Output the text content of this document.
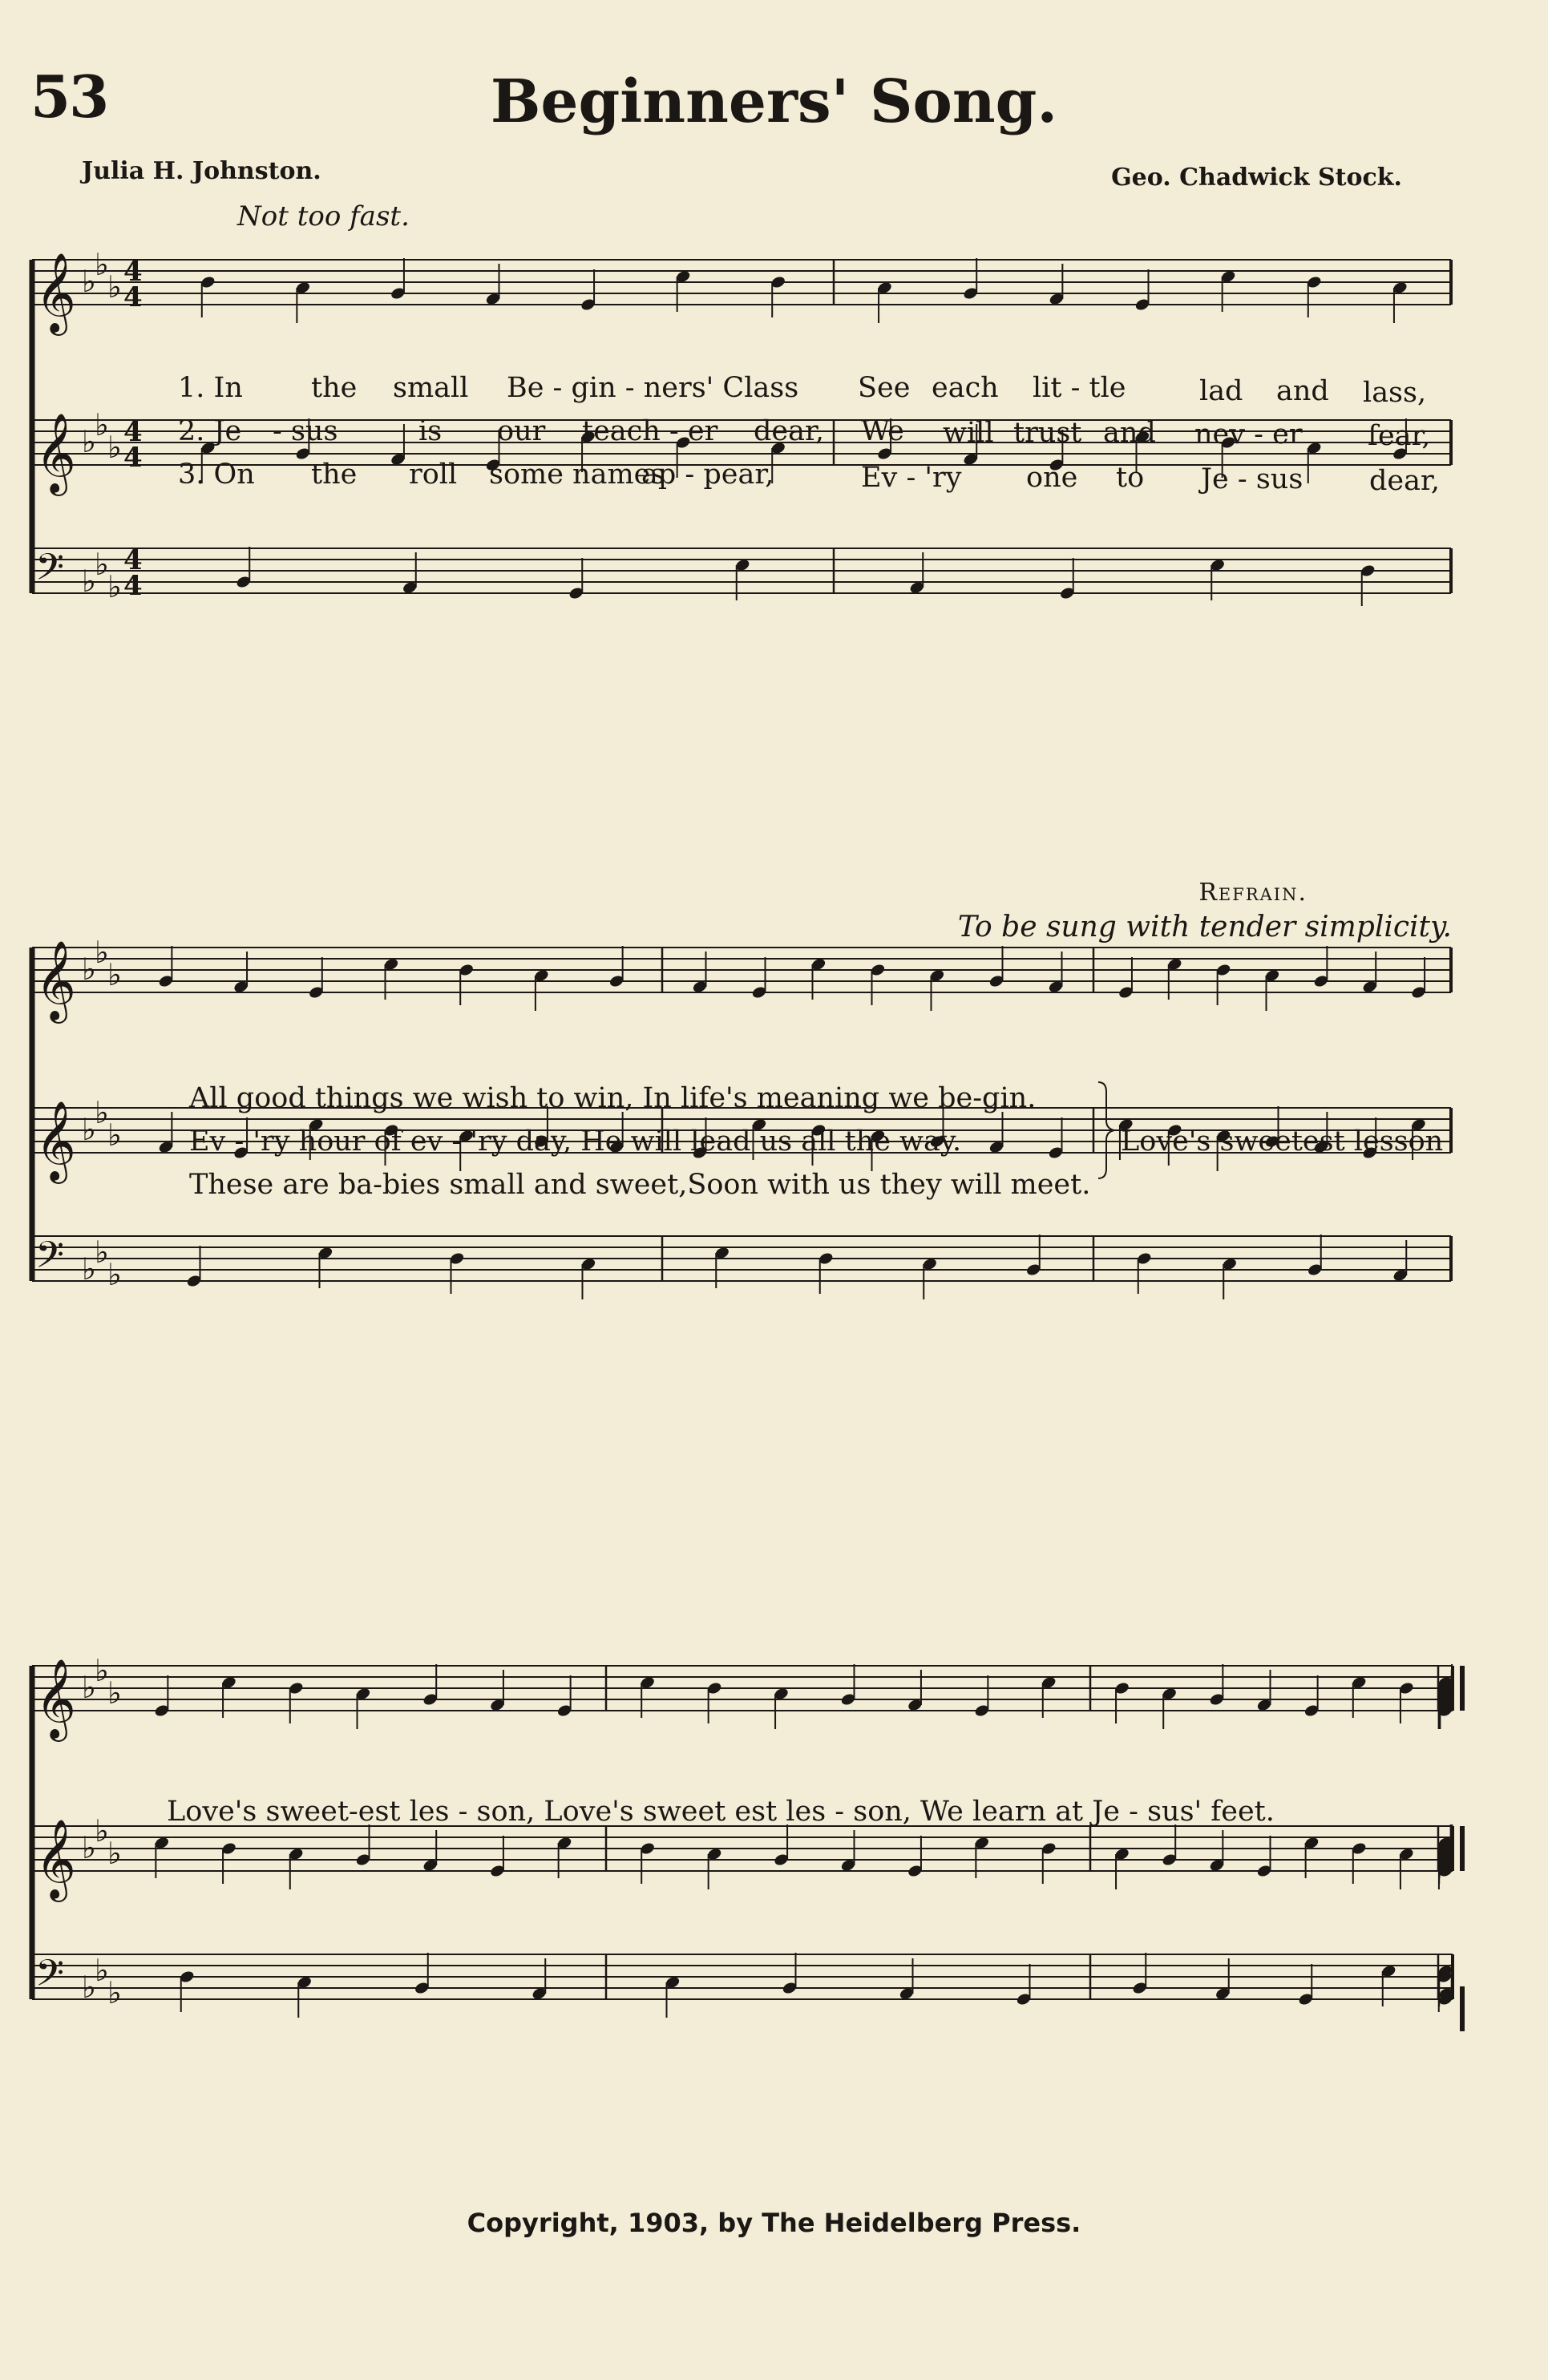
𝄞 ♭
♭
♭ 4
4
𝄞 ♭
♭
♭ 4
4
𝄢 ♭
♭
♭
4
4
𝄞 ♭
♭
♭
𝄞 ♭
♭
♭
𝄢 ♭
♭
♭
𝄞 ♭
♭
♭
𝄞 ♭
♭
♭
𝄢 ♭
♭
♭
53	Beginners' Song.
Julia H. Johnston.	Geo. Chadwick Stock.
Not too fast.
1. In the small Be - gin - ners' Class See each lit - tle	lad and lass,
2. Je - sus	is our teach - er dear, We will trust and nev - er fear,
3. On the roll some names
ap - pear,	Ev - 'ry one to Je - sus dear,
Refrain.
To be sung with tender simplicity.
All good things we wish to win, In life's meaning we be-gin.
Ev - 'ry hour of ev - 'ry day, He will lead us all the way.
These are ba-bies small and sweet,Soon with us they will meet.
Love's sweetest lesson
Love's sweet-est les - son, Love's sweet est les - son, We learn at Je - sus' feet.
Copyright, 1903, by The Heidelberg Press.
